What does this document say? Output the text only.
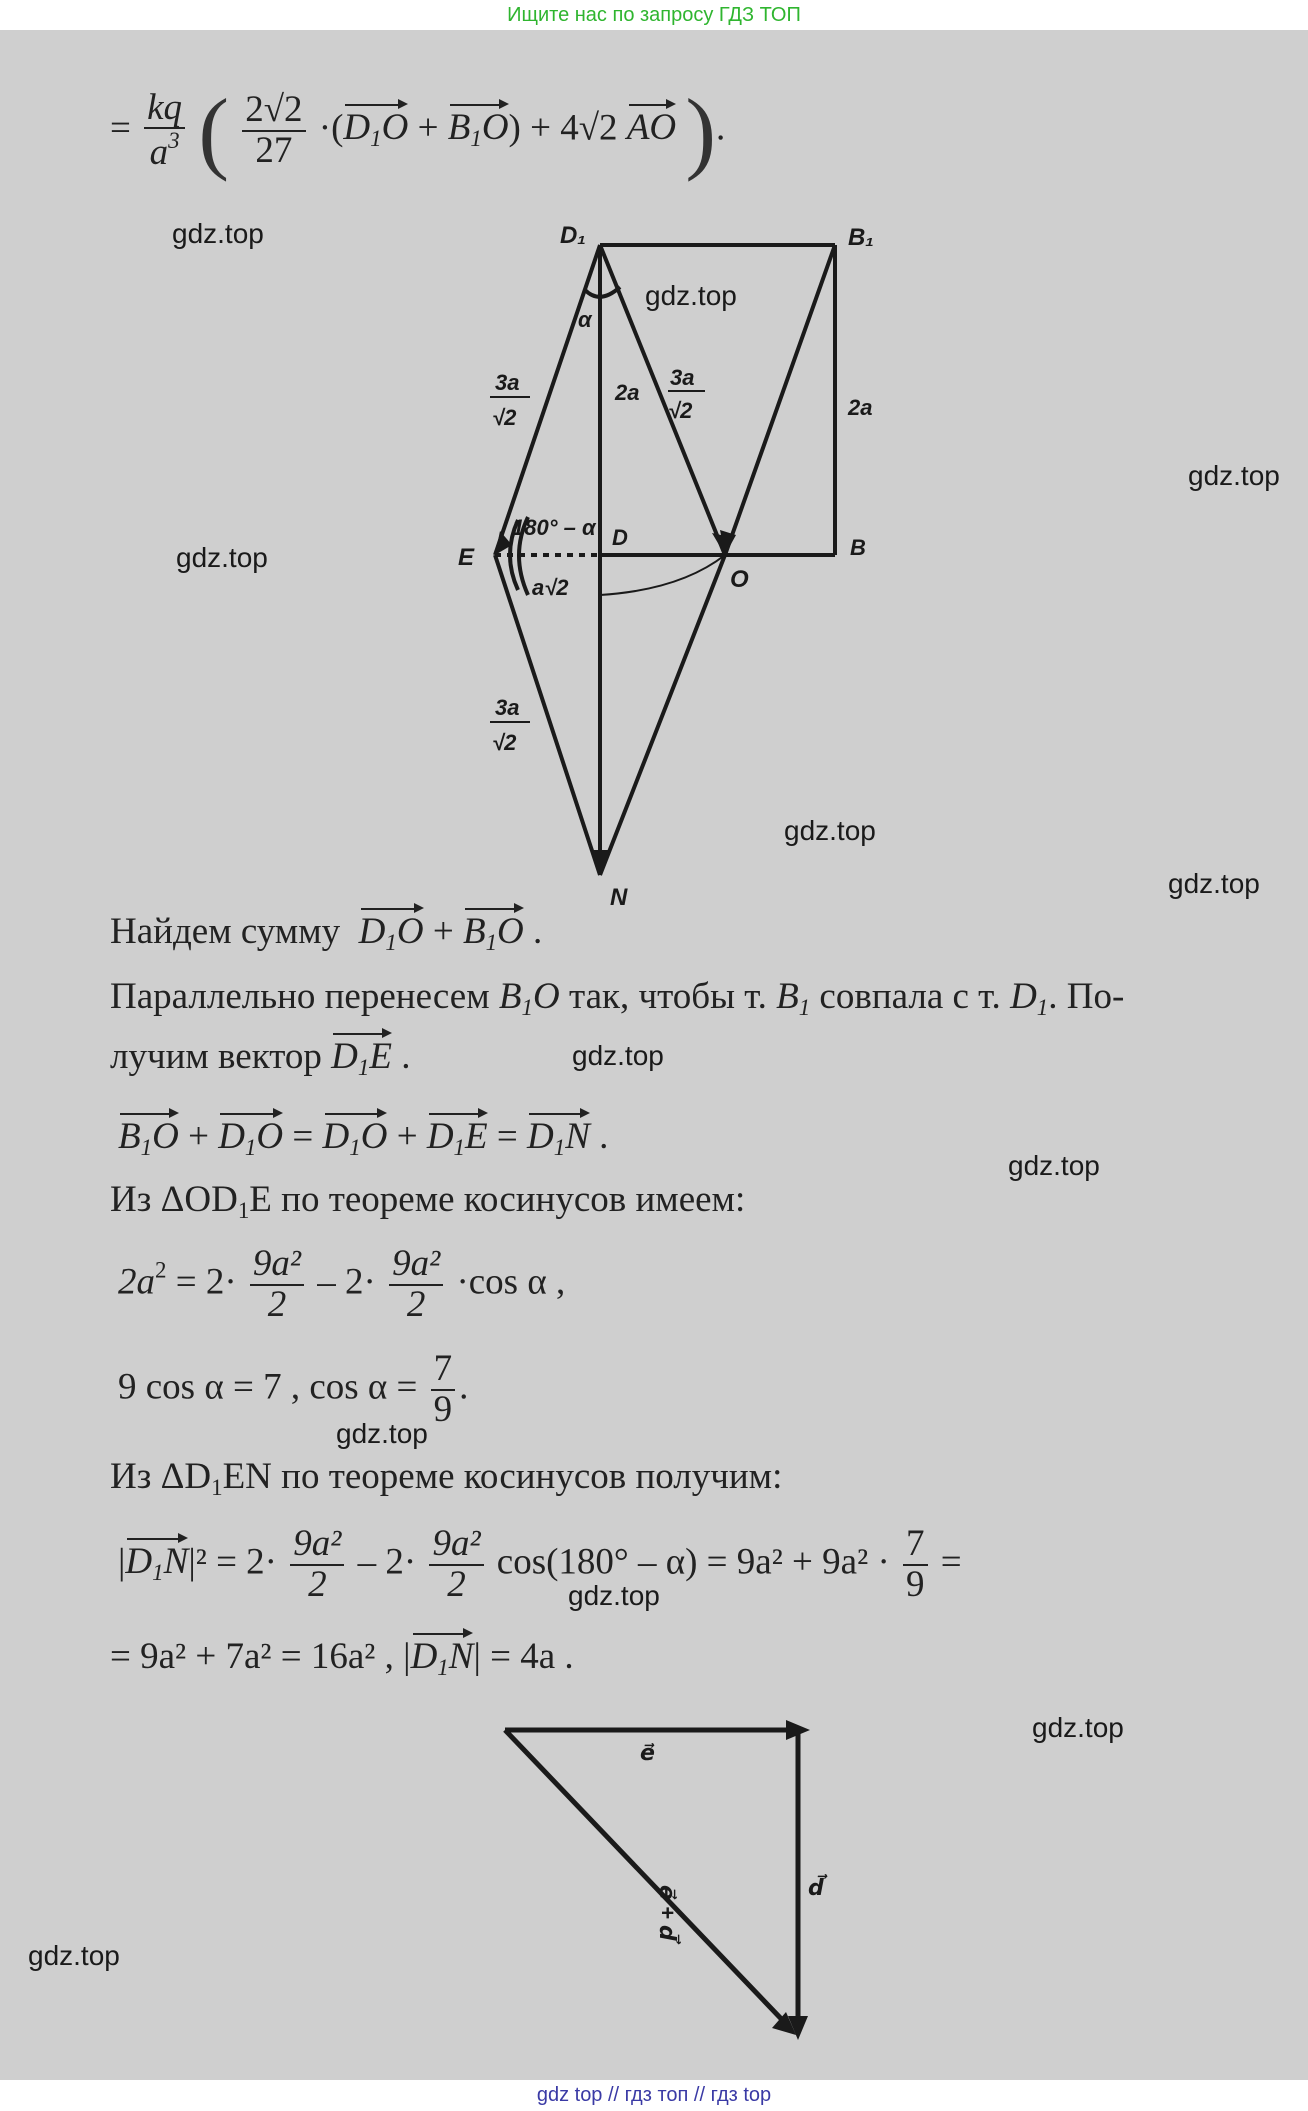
Ищите нас по запросу ГДЗ ТОП
= $\frac{kq}{a^3}$ ( $\frac{2√2}{27} \cdot(D_1O + B_1O) + 4√2$ AO ).
D₁	B₁
α
3a
√2
2a
3a
√2	2a
180° – α
E
D	B
O
a√2
3a
√2
N
Найдем сумму $D_1O + B_1O$ .
Параллельно перенесем $B_1O$ так, чтобы т. $B_1$ совпала с т. $D_1$. По-
лучим вектор $D_1E$ .
$B_1O + D_1O = D_1O + D_1E = D_1N$ .
Из $\Delta OD_1E$ по теореме косинусов имеем:
$2a^2 = 2\cdot \frac{\text{9a²}}{2} - 2\cdot \frac{\text{9a²}}{2} \cdot\cos$ α ,
9 cos α = 7 , $\cos \alpha = \frac{7}{9}$ .
Из $\Delta D_1EN$ по теореме косинусов получим:
$|D_1N|^2 = 2\cdot \frac{\text{9a²}}{2} - 2\cdot \frac{\text{9a²}}{2} \cos(180^\circ - \alpha) = 9a^2 + 9a^2 \cdot \frac{7}{9}$ =
= 9a² + 7a² = 16a² , $|D_1N| = 4a$ .
e⃗
d⃗
e⃗ + d⃗
gdz.top
gdz.top
gdz.top
gdz.top
gdz.top
gdz.top
gdz.top
gdz.top
gdz.top
gdz.top
gdz.top
gdz.top
gdz top // гдз топ // гдз top
